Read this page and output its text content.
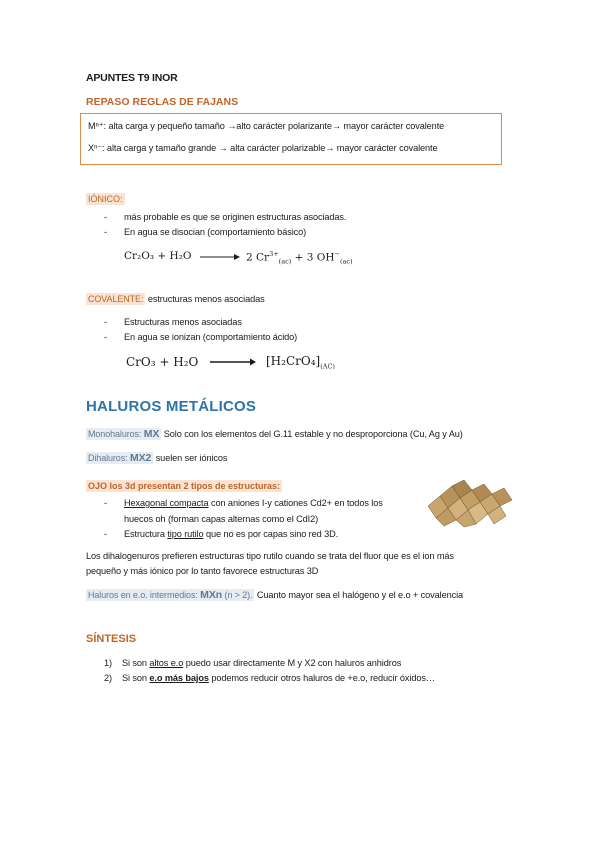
APUNTES T9 INOR
REPASO REGLAS DE FAJANS
Mⁿ⁺: alta carga y pequeño tamaño →alto carácter polarizante→ mayor carácter covalente
Xⁿ⁻: alta carga y tamaño grande → alta carácter polarizable→ mayor carácter covalente
IÓNICO:
- más probable es que se originen estructuras asociadas.
- En agua se disocian (comportamiento básico)
Cr₂O₃ + H₂O → 2 $Cr^{3+}_{(ac)} + 3$ $OH^-_{(ac)}$
COVALENTE: estructuras menos asociadas
- Estructuras menos asociadas
- En agua se ionizan (comportamiento ácido)
$CrO_3 + H_2O \to [H_2CrO_4]_{(AC)}$
HALUROS METÁLICOS
Monohaluros: MX Solo con los elementos del G.11 estable y no desproporciona (Cu, Ag y Au)
Dihaluros: MX2 suelen ser iónicos
OJO los 3d presentan 2 tipos de estructuras:
- Hexagonal compacta con aniones I-y cationes Cd2+ en todos los
huecos oh (forman capas alternas como el CdI2)
- Estructura tipo rutilo que no es por capas sino red 3D.
Los dihalogenuros prefieren estructuras tipo rutilo cuando se trata del fluor que es el ion más
pequeño y más iónico por lo tanto favorece estructuras 3D
Haluros en e.o. intermedios: MXn (n > 2). Cuanto mayor sea el halógeno y el e.o + covalencia
SÍNTESIS
1) Si son altos e.o puedo usar directamente M y X2 con haluros anhidros
2) Si son e.o más bajos podemos reducir otros haluros de +e.o, reducir óxidos…
